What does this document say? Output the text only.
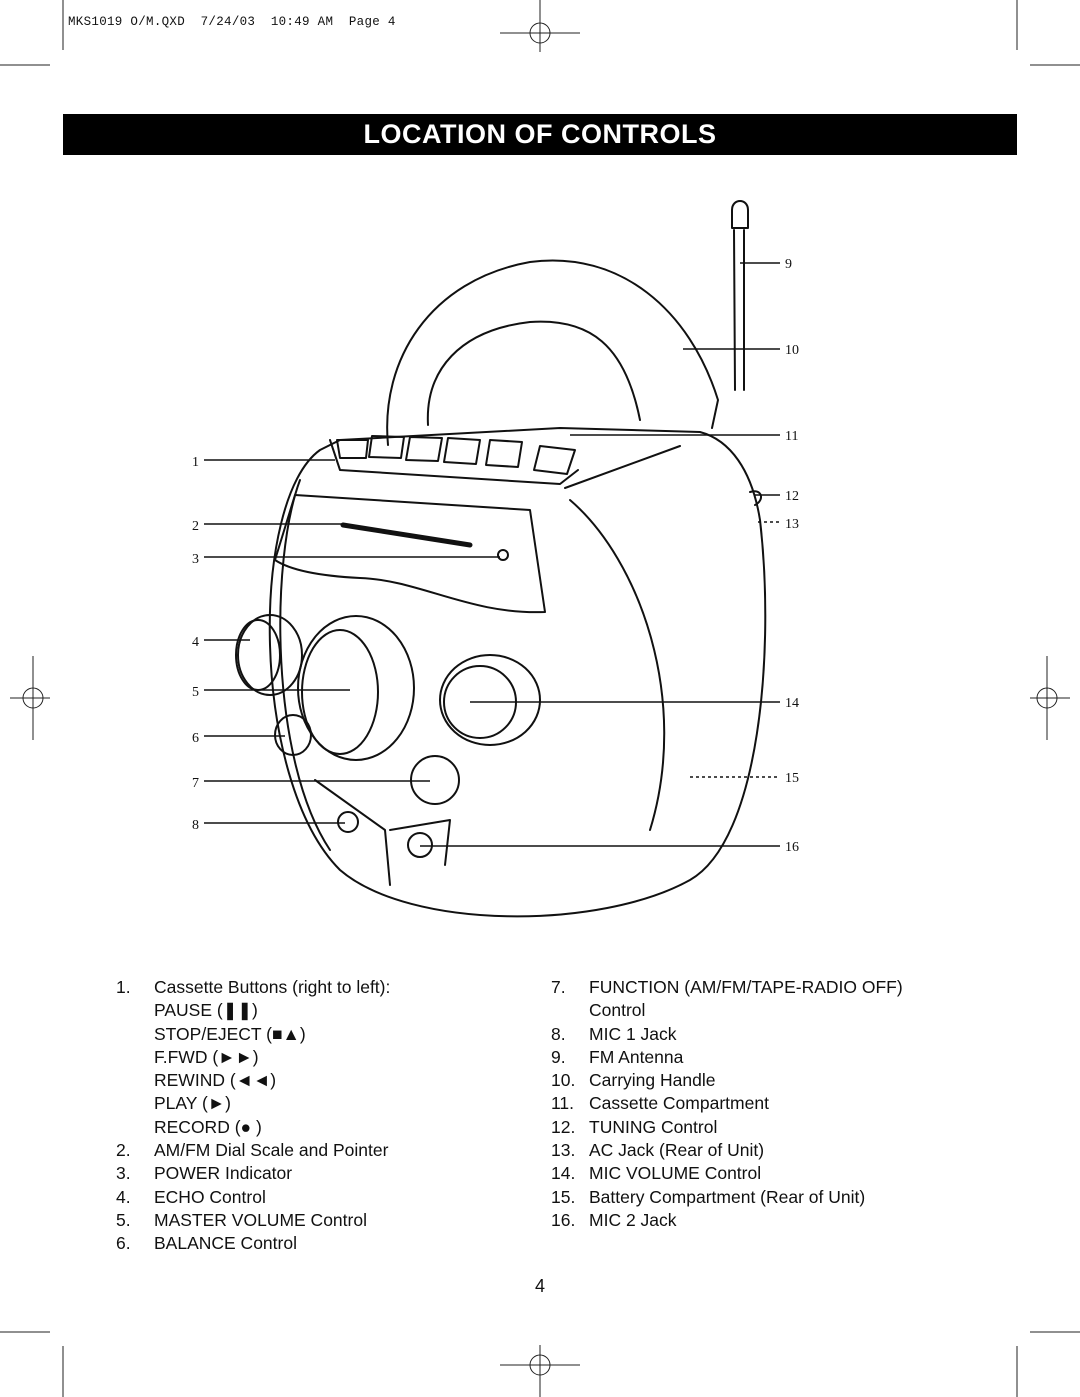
MKS1019 O/M.QXD  7/24/03  10:49 AM  Page 4
LOCATION OF CONTROLS
1
2
3
4
5
6
7
8
9
10
11
12
13
14
15
16
1.	Cassette Buttons (right to left):
PAUSE (❚❚)
STOP/EJECT (■▲)
F.FWD (►►)
REWIND (◄◄)
PLAY (►)
RECORD (● )
2.	AM/FM Dial Scale and Pointer
3.	POWER Indicator
4.	ECHO Control
5.	MASTER VOLUME Control
6.	BALANCE Control
7.	FUNCTION (AM/FM/TAPE-RADIO OFF)
Control
8.	MIC 1 Jack
9.	FM Antenna
10. Carrying Handle
11. Cassette Compartment
12. TUNING Control
13. AC Jack (Rear of Unit)
14. MIC VOLUME Control
15. Battery Compartment (Rear of Unit)
16. MIC 2 Jack
4
